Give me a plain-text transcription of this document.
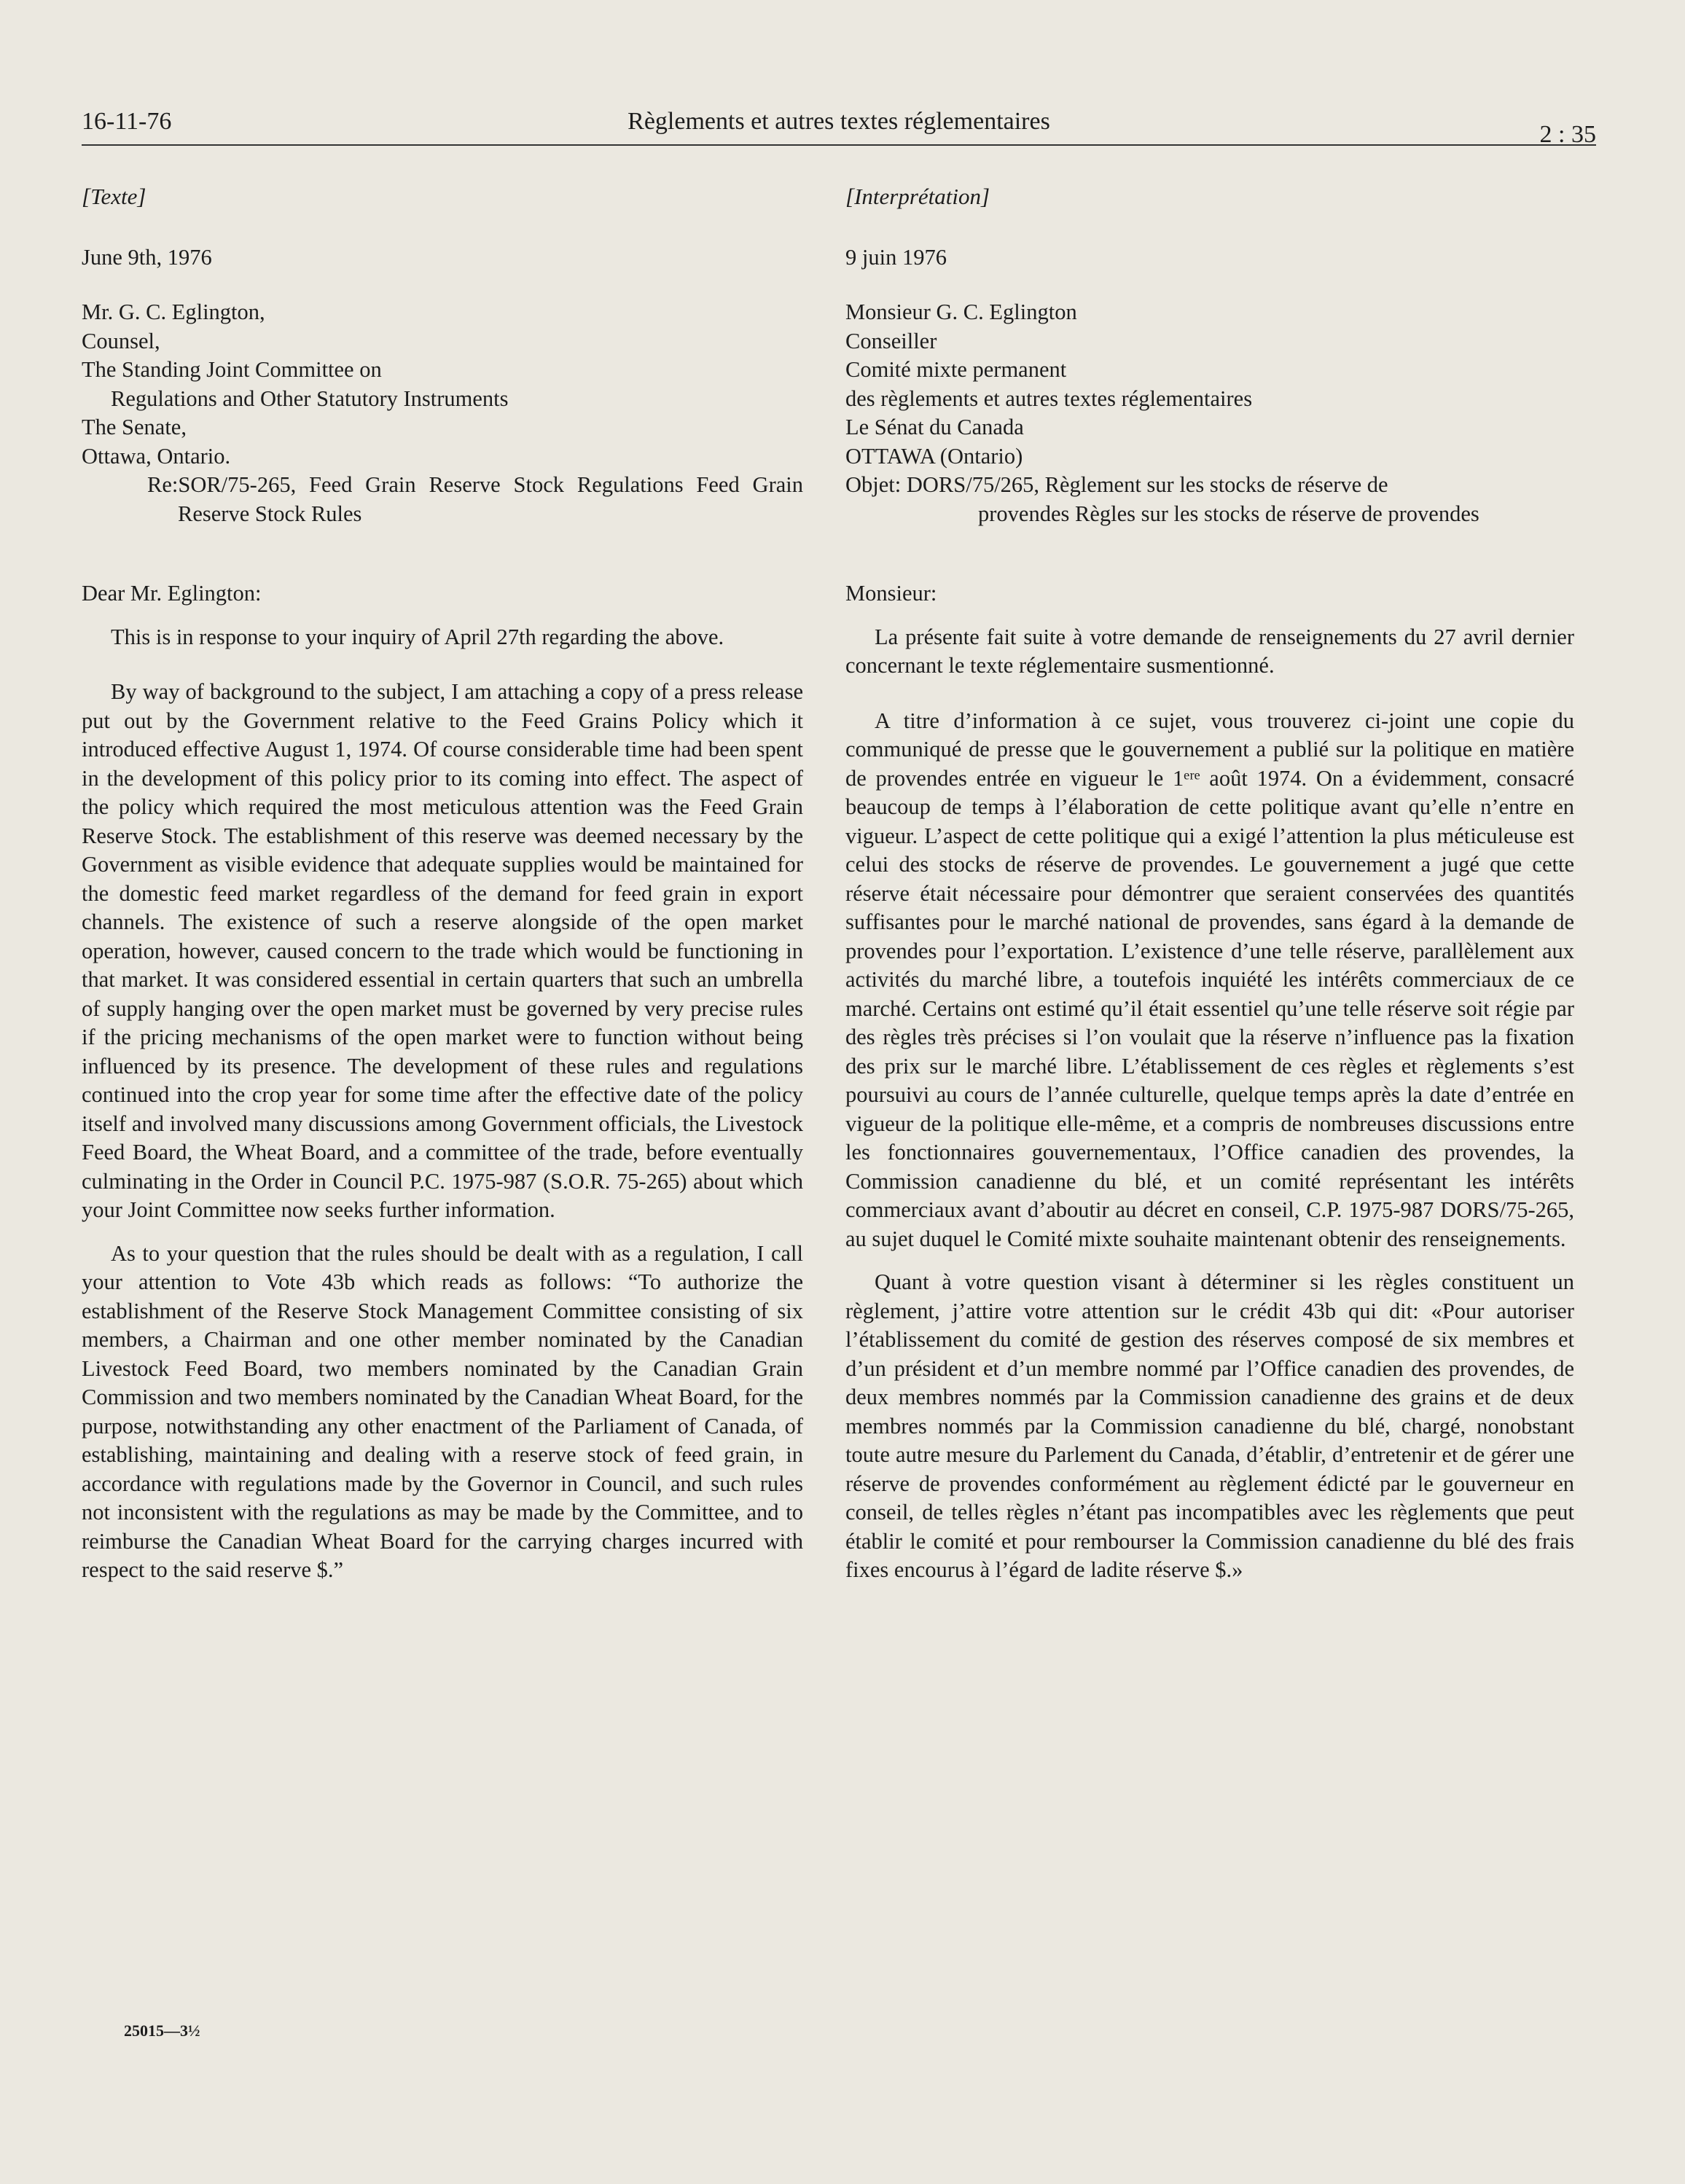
16-11-76	Règlements et autres textes réglementaires	2 : 35

[Texte]

June 9th, 1976

Mr. G. C. Eglington,

Counsel,

The Standing Joint Committee on

Regulations and Other Statutory Instruments

The Senate,

Ottawa, Ontario.

Re:SOR/75-265, Feed Grain Reserve Stock Regulations Feed Grain Reserve Stock Rules

Dear Mr. Eglington:

This is in response to your inquiry of April 27th regarding the above.

By way of background to the subject, I am attaching a copy of a press release put out by the Government relative to the Feed Grains Policy which it introduced effective August 1, 1974. Of course considerable time had been spent in the development of this policy prior to its coming into effect. The aspect of the policy which required the most meticulous attention was the Feed Grain Reserve Stock. The establishment of this reserve was deemed necessary by the Government as visible evidence that adequate supplies would be maintained for the domestic feed market regardless of the demand for feed grain in export channels. The existence of such a reserve alongside of the open market operation, however, caused concern to the trade which would be functioning in that market. It was considered essential in certain quarters that such an umbrella of supply hanging over the open market must be governed by very precise rules if the pricing mechanisms of the open market were to function without being influenced by its presence. The development of these rules and regulations continued into the crop year for some time after the effective date of the policy itself and involved many discussions among Government officials, the Livestock Feed Board, the Wheat Board, and a committee of the trade, before eventually culminating in the Order in Council P.C. 1975-987 (S.O.R. 75-265) about which your Joint Committee now seeks further information.

As to your question that the rules should be dealt with as a regulation, I call your attention to Vote 43b which reads as follows: “To authorize the establishment of the Reserve Stock Management Committee consisting of six members, a Chairman and one other member nominated by the Canadian Livestock Feed Board, two members nominated by the Canadian Grain Commission and two members nominated by the Canadian Wheat Board, for the purpose, notwithstanding any other enactment of the Parliament of Canada, of establishing, maintaining and dealing with a reserve stock of feed grain, in accordance with regulations made by the Governor in Council, and such rules not inconsistent with the regulations as may be made by the Committee, and to reimburse the Canadian Wheat Board for the carrying charges incurred with respect to the said reserve $.”

[Interprétation]

9 juin 1976

Monsieur G. C. Eglington

Conseiller

Comité mixte permanent

des règlements et autres textes réglementaires

Le Sénat du Canada

OTTAWA (Ontario)

Objet: DORS/75/265, Règlement sur les stocks de réserve de
provendes Règles sur les stocks de réserve de provendes

Monsieur:

La présente fait suite à votre demande de renseignements du 27 avril dernier concernant le texte réglementaire susmentionné.

A titre d’information à ce sujet, vous trouverez ci-joint une copie du communiqué de presse que le gouvernement a publié sur la politique en matière de provendes entrée en vigueur le 1ᵉʳᵉ août 1974. On a évidemment, consacré beaucoup de temps à l’élaboration de cette politique avant qu’elle n’entre en vigueur. L’aspect de cette politique qui a exigé l’attention la plus méticuleuse est celui des stocks de réserve de provendes. Le gouvernement a jugé que cette réserve était nécessaire pour démontrer que seraient conservées des quantités suffisantes pour le marché national de provendes, sans égard à la demande de provendes pour l’exportation. L’existence d’une telle réserve, parallèlement aux activités du marché libre, a toutefois inquiété les intérêts commerciaux de ce marché. Certains ont estimé qu’il était essentiel qu’une telle réserve soit régie par des règles très précises si l’on voulait que la réserve n’influence pas la fixation des prix sur le marché libre. L’établissement de ces règles et règlements s’est poursuivi au cours de l’année culturelle, quelque temps après la date d’entrée en vigueur de la politique elle-même, et a compris de nombreuses discussions entre les fonctionnaires gouvernementaux, l’Office canadien des provendes, la Commission canadienne du blé, et un comité représentant les intérêts commerciaux avant d’aboutir au décret en conseil, C.P. 1975-987 DORS/75-265, au sujet duquel le Comité mixte souhaite maintenant obtenir des renseignements.

Quant à votre question visant à déterminer si les règles constituent un règlement, j’attire votre attention sur le crédit 43b qui dit: «Pour autoriser l’établissement du comité de gestion des réserves composé de six membres et d’un président et d’un membre nommé par l’Office canadien des provendes, de deux membres nommés par la Commission canadienne des grains et de deux membres nommés par la Commission canadienne du blé, chargé, nonobstant toute autre mesure du Parlement du Canada, d’établir, d’entretenir et de gérer une réserve de provendes conformément au règlement édicté par le gouverneur en conseil, de telles règles n’étant pas incompatibles avec les règlements que peut établir le comité et pour rembourser la Commission canadienne du blé des frais fixes encourus à l’égard de ladite réserve $.»

25015—3½
